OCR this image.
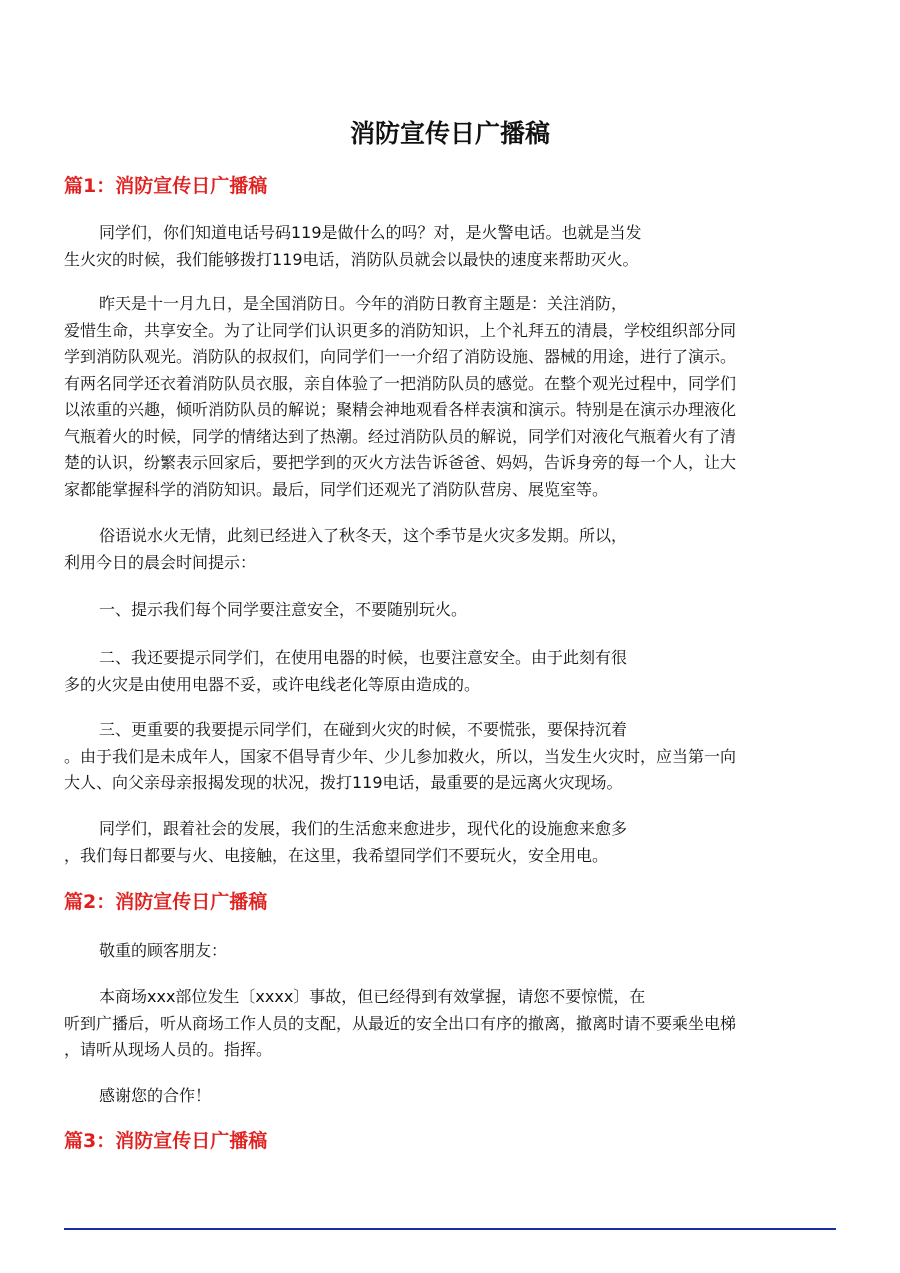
消防宣传日广播稿
篇1：消防宣传日广播稿
同学们，你们知道电话号码119是做什么的吗？对，是火警电话。也就是当发
生火灾的时候，我们能够拨打119电话，消防队员就会以最快的速度来帮助灭火。
昨天是十一月九日，是全国消防日。今年的消防日教育主题是：关注消防，
爱惜生命，共享安全。为了让同学们认识更多的消防知识，上个礼拜五的清晨，学校组织部分同
学到消防队观光。消防队的叔叔们，向同学们一一介绍了消防设施、器械的用途，进行了演示。
有两名同学还衣着消防队员衣服，亲自体验了一把消防队员的感觉。在整个观光过程中，同学们
以浓重的兴趣，倾听消防队员的解说；聚精会神地观看各样表演和演示。特别是在演示办理液化
气瓶着火的时候，同学的情绪达到了热潮。经过消防队员的解说，同学们对液化气瓶着火有了清
楚的认识，纷繁表示回家后，要把学到的灭火方法告诉爸爸、妈妈，告诉身旁的每一个人，让大
家都能掌握科学的消防知识。最后，同学们还观光了消防队营房、展览室等。
俗语说水火无情，此刻已经进入了秋冬天，这个季节是火灾多发期。所以，
利用今日的晨会时间提示：
一、提示我们每个同学要注意安全，不要随别玩火。
二、我还要提示同学们，在使用电器的时候，也要注意安全。由于此刻有很
多的火灾是由使用电器不妥，或许电线老化等原由造成的。
三、更重要的我要提示同学们，在碰到火灾的时候，不要慌张，要保持沉着
。由于我们是未成年人，国家不倡导青少年、少儿参加救火，所以，当发生火灾时，应当第一向
大人、向父亲母亲报揭发现的状况，拨打119电话，最重要的是远离火灾现场。
同学们，跟着社会的发展，我们的生活愈来愈进步，现代化的设施愈来愈多
，我们每日都要与火、电接触，在这里，我希望同学们不要玩火，安全用电。
篇2：消防宣传日广播稿
敬重的顾客朋友：
本商场xxx部位发生〔xxxx〕事故，但已经得到有效掌握，请您不要惊慌，在
听到广播后，听从商场工作人员的支配，从最近的安全出口有序的撤离，撤离时请不要乘坐电梯
，请听从现场人员的。指挥。
感谢您的合作！
篇3：消防宣传日广播稿
